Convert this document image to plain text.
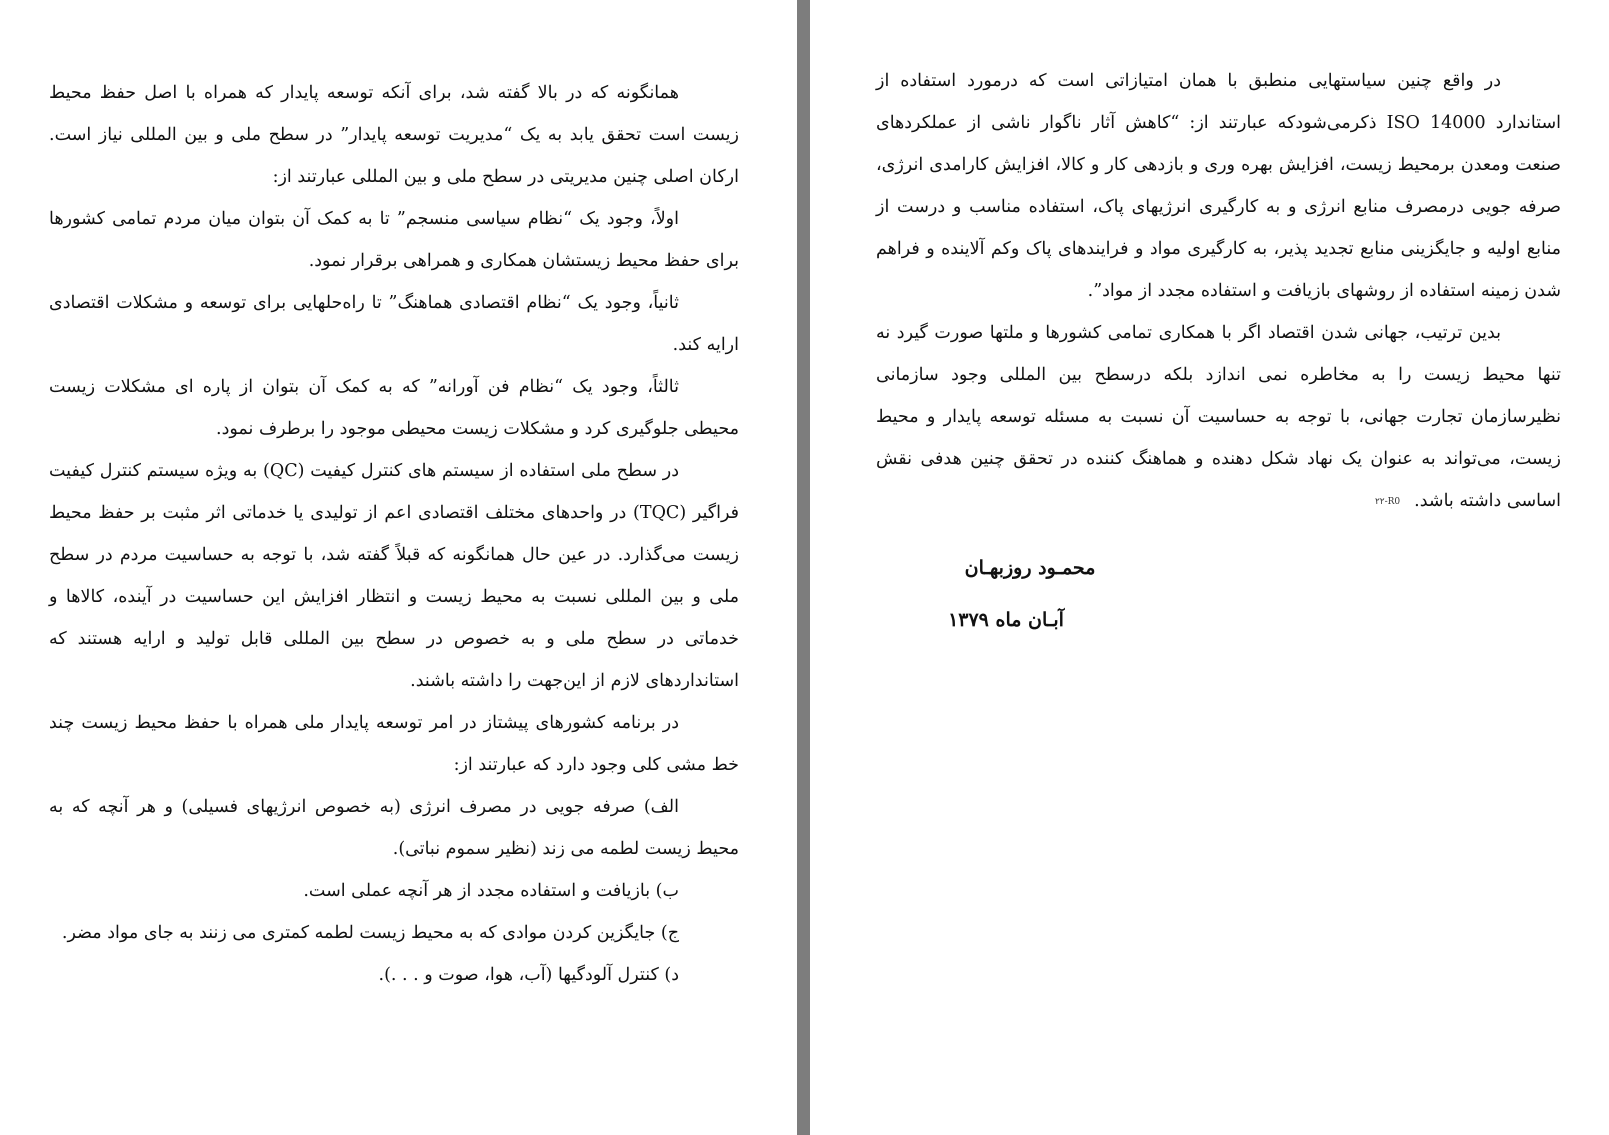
همانگونه که در بالا گفته شد، برای آنکه توسعه پایدار که همراه با اصل حفظ محیط زیست است تحقق یابد به یک “مدیریت توسعه پایدار” در سطح ملی و بین المللی نیاز است. ارکان اصلی چنین مدیریتی در سطح ملی و بین المللی عبارتند از:

اولاً، وجود یک “نظام سیاسی منسجم” تا به کمک آن بتوان میان مردم تمامی کشورها برای حفظ محیط زیستشان همکاری و همراهی برقرار نمود.

ثانیاً، وجود یک “نظام اقتصادی هماهنگ” تا راه‌حلهایی برای توسعه و مشکلات اقتصادی ارایه کند.

ثالثاً، وجود یک “نظام فن آورانه” که به کمک آن بتوان از پاره ای مشکلات زیست محیطی جلوگیری کرد و مشکلات زیست محیطی موجود را برطرف نمود.

در سطح ملی استفاده از سیستم های کنترل کیفیت (QC) به ویژه سیستم کنترل کیفیت فراگیر (TQC) در واحدهای مختلف اقتصادی اعم از تولیدی یا خدماتی اثر مثبت بر حفظ محیط زیست می‌گذارد. در عین حال همانگونه که قبلاً گفته شد، با توجه به حساسیت مردم در سطح ملی و بین المللی نسبت به محیط زیست و انتظار افزایش این حساسیت در آینده، کالاها و خدماتی در سطح ملی و به خصوص در سطح بین المللی قابل تولید و ارایه هستند که استانداردهای لازم از این‌جهت را داشته باشند.

در برنامه کشورهای پیشتاز در امر توسعه پایدار ملی همراه با حفظ محیط زیست چند خط مشی کلی وجود دارد که عبارتند از:

الف) صرفه جویی در مصرف انرژی (به خصوص انرژیهای فسیلی) و هر آنچه که به محیط زیست لطمه می زند (نظیر سموم نباتی).

ب) بازیافت و استفاده مجدد از هر آنچه عملی است.

ج) جایگزین کردن موادی که به محیط زیست لطمه کمتری می زنند به جای مواد مضر.

د) کنترل آلودگیها (آب، هوا، صوت و . . .).

در واقع چنین سیاستهایی منطبق با همان امتیازاتی است که درمورد استفاده از استاندارد ISO 14000 ذکرمی‌شودکه عبارتند از: “کاهش آثار ناگوار ناشی از عملکردهای صنعت ومعدن برمحیط زیست، افزایش بهره وری و بازدهی کار و کالا، افزایش کارامدی انرژی، صرفه جویی درمصرف منابع انرژی و به کارگیری انرژیهای پاک، استفاده مناسب و درست از منابع اولیه و جایگزینی منابع تجدید پذیر، به کارگیری مواد و فرایندهای پاک وکم آلاینده و فراهم شدن زمینه استفاده از روشهای بازیافت و استفاده مجدد از مواد”.

بدین ترتیب، جهانی شدن اقتصاد اگر با همکاری تمامی کشورها و ملتها صورت گیرد نه تنها محیط زیست را به مخاطره نمی اندازد بلکه درسطح بین المللی وجود سازمانی نظیرسازمان تجارت جهانی، با توجه به حساسیت آن نسبت به مسئله توسعه پایدار و محیط زیست، می‌تواند به عنوان یک نهاد شکل دهنده و هماهنگ کننده در تحقق چنین هدفی نقش اساسی داشته باشد.R0-٢٢

محمـود روزبهـان
آبـان ماه ١٣٧٩
